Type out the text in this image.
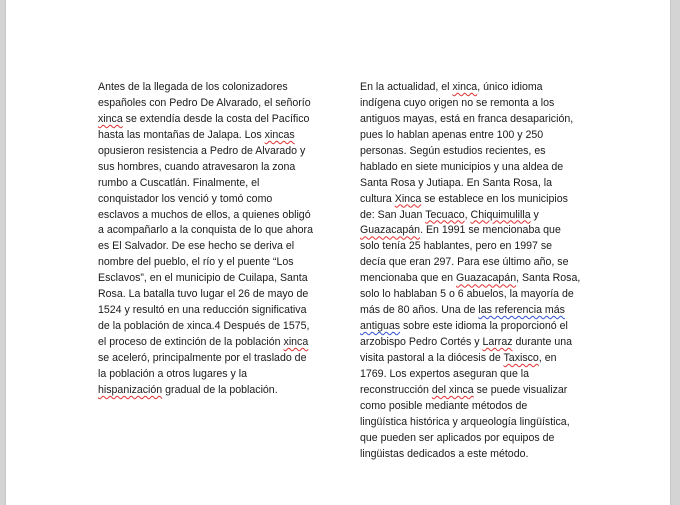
Antes de la llegada de los colonizadores
españoles con Pedro De Alvarado, el señorío
xinca se extendía desde la costa del Pacífico
hasta las montañas de Jalapa. Los xincas
opusieron resistencia a Pedro de Alvarado y
sus hombres, cuando atravesaron la zona
rumbo a Cuscatlán. Finalmente, el
conquistador los venció y tomó como
esclavos a muchos de ellos, a quienes obligó
a acompañarlo a la conquista de lo que ahora
es El Salvador. De ese hecho se deriva el
nombre del pueblo, el río y el puente “Los
Esclavos”, en el municipio de Cuilapa, Santa
Rosa. La batalla tuvo lugar el 26 de mayo de
1524 y resultó en una reducción significativa
de la población de xinca.4 Después de 1575,
el proceso de extinción de la población xinca
se aceleró, principalmente por el traslado de
la población a otros lugares y la
hispanización gradual de la población.
En la actualidad, el xinca, único idioma
indígena cuyo origen no se remonta a los
antiguos mayas, está en franca desaparición,
pues lo hablan apenas entre 100 y 250
personas. Según estudios recientes, es
hablado en siete municipios y una aldea de
Santa Rosa y Jutiapa. En Santa Rosa, la
cultura Xinca se establece en los municipios
de: San Juan Tecuaco, Chiquimulilla y
Guazacapán. En 1991 se mencionaba que
solo tenía 25 hablantes, pero en 1997 se
decía que eran 297. Para ese último año, se
mencionaba que en Guazacapán, Santa Rosa,
solo lo hablaban 5 o 6 abuelos, la mayoría de
más de 80 años. Una de las referencia más
antiguas sobre este idioma la proporcionó el
arzobispo Pedro Cortés y Larraz durante una
visita pastoral a la diócesis de Taxisco, en
1769. Los expertos aseguran que la
reconstrucción del xinca se puede visualizar
como posible mediante métodos de
lingüística histórica y arqueología lingüística,
que pueden ser aplicados por equipos de
lingüistas dedicados a este método.
